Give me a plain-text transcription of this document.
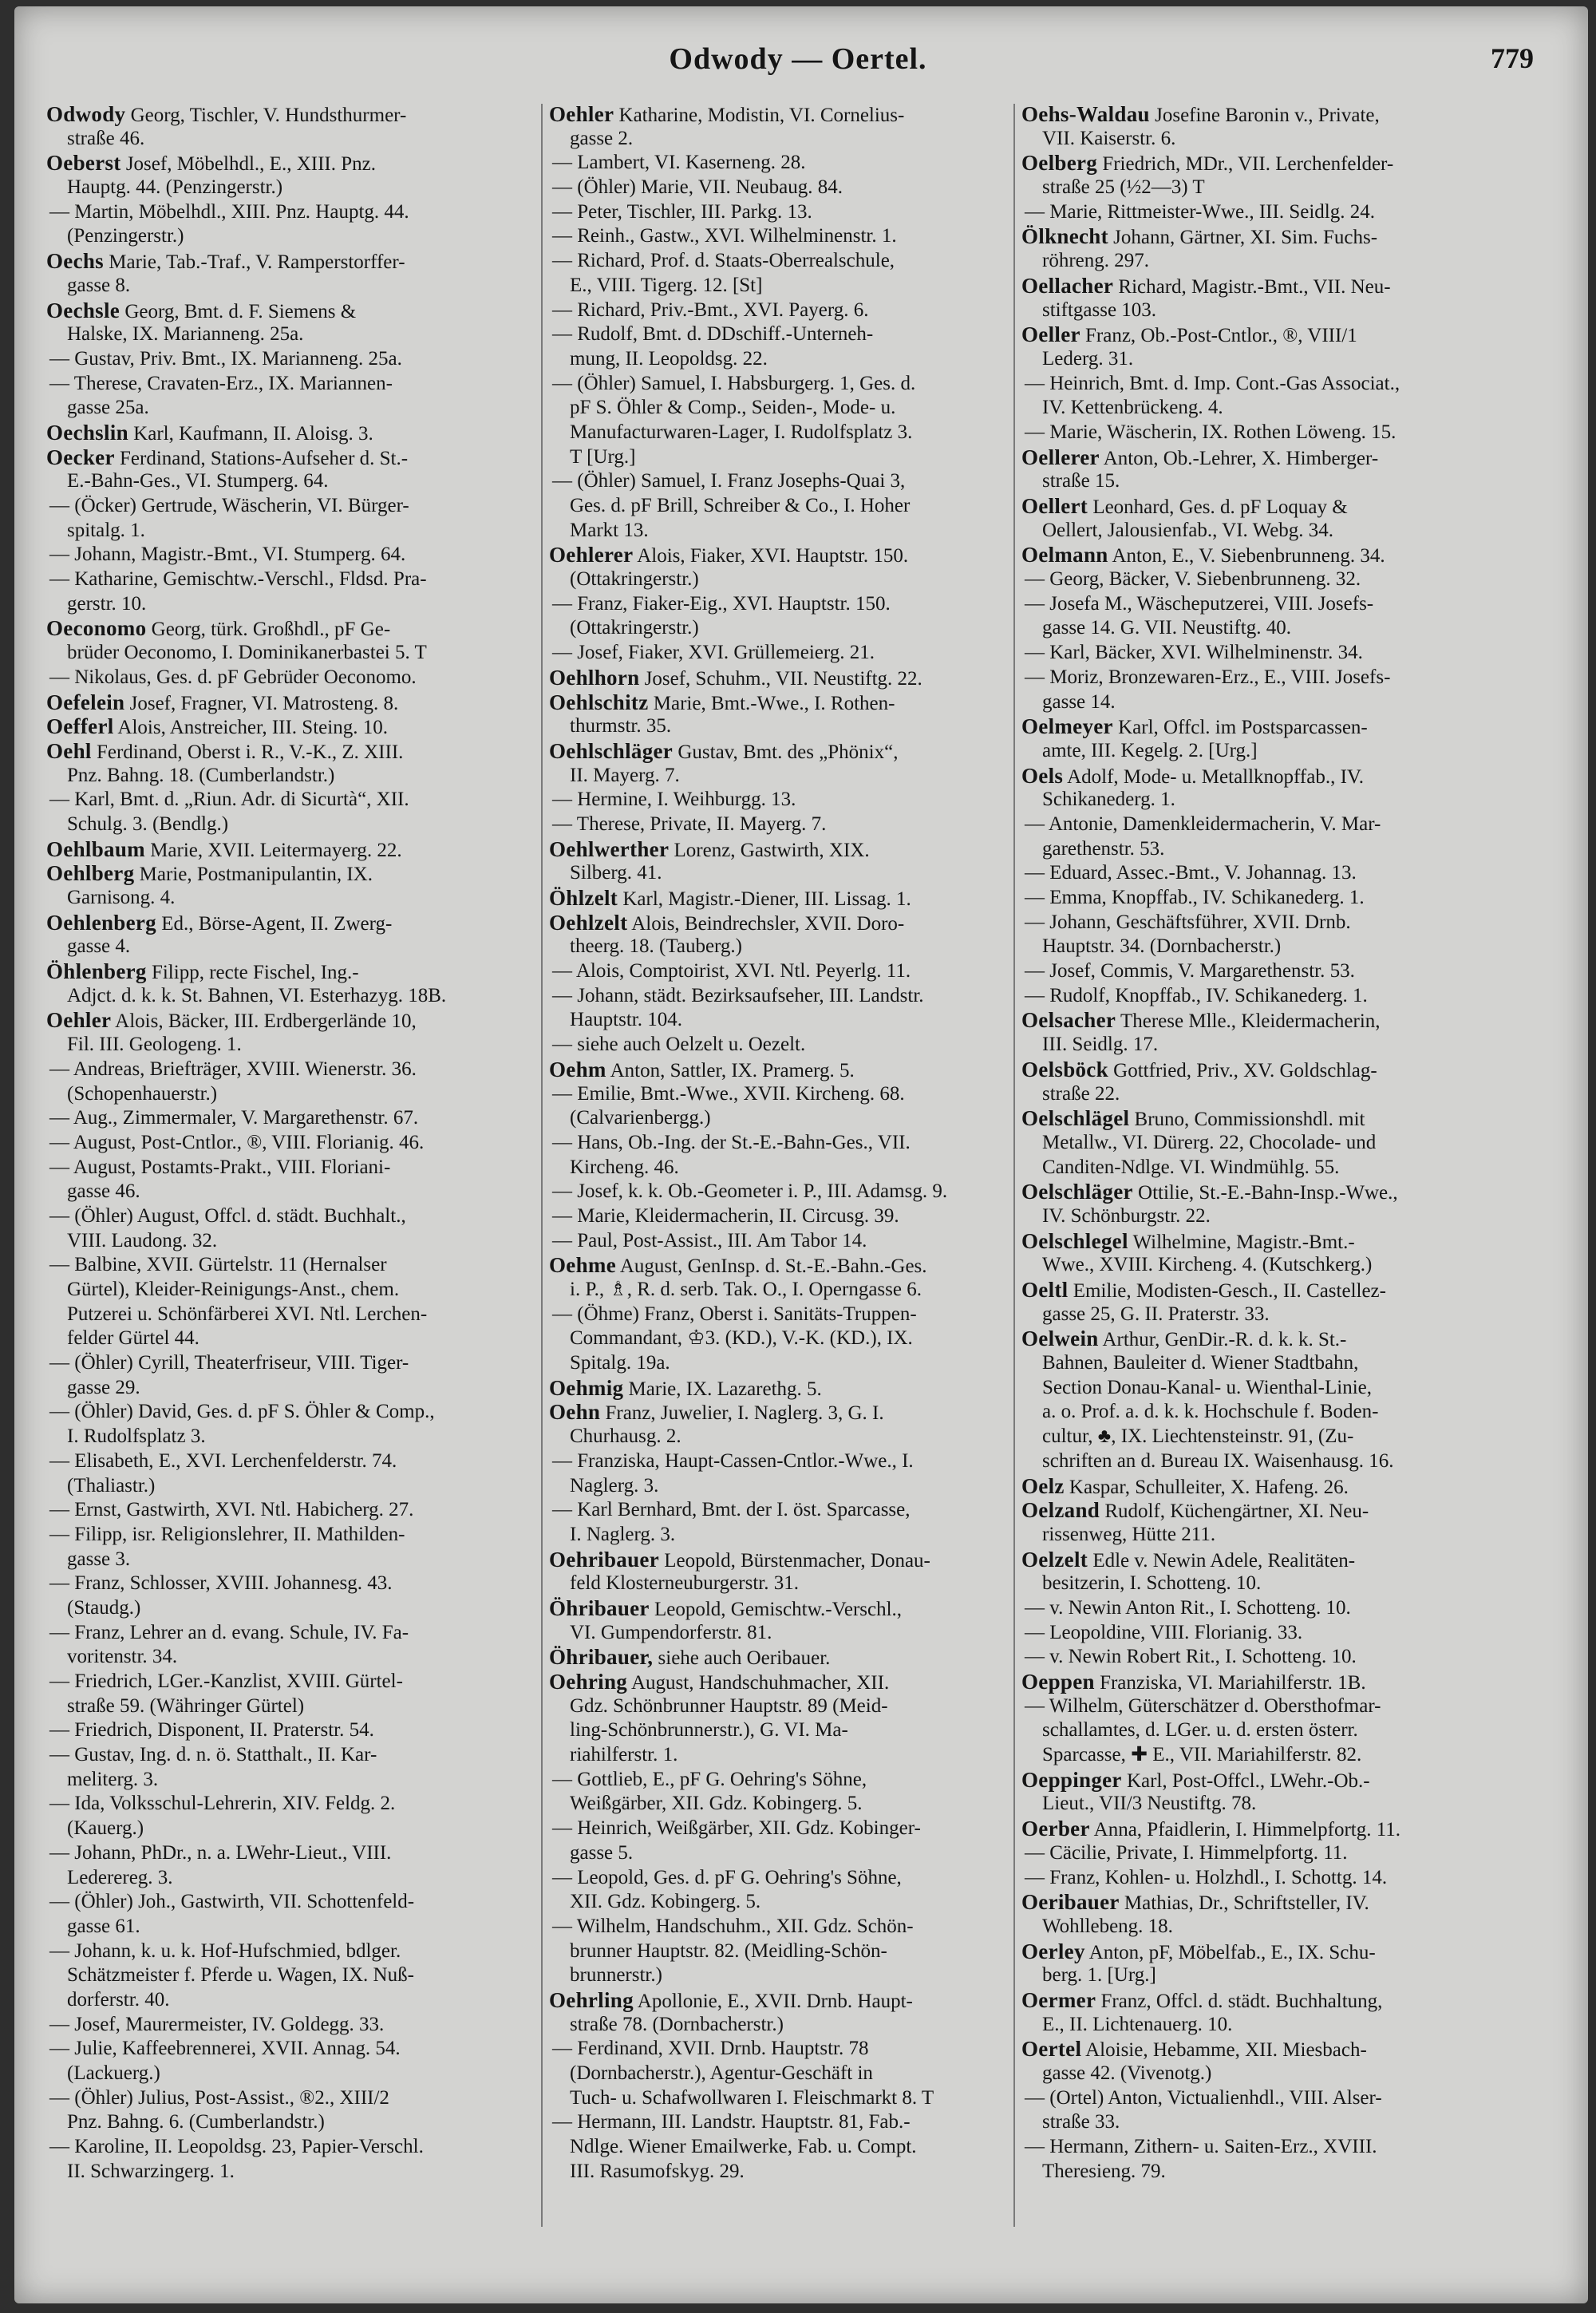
Odwody — Oertel.	779
Odwody Georg, Tischler, V. Hundsthurmer-
straße 46.
Oeberst Josef, Möbelhdl., E., XIII. Pnz.
Hauptg. 44. (Penzingerstr.)
— Martin, Möbelhdl., XIII. Pnz. Hauptg. 44.
(Penzingerstr.)
Oechs Marie, Tab.-Traf., V. Ramperstorffer-
gasse 8.
Oechsle Georg, Bmt. d. F. Siemens &
Halske, IX. Marianneng. 25a.
— Gustav, Priv. Bmt., IX. Marianneng. 25a.
— Therese, Cravaten-Erz., IX. Mariannen-
gasse 25a.
Oechslin Karl, Kaufmann, II. Aloisg. 3.
Oecker Ferdinand, Stations-Aufseher d. St.-
E.-Bahn-Ges., VI. Stumperg. 64.
— (Öcker) Gertrude, Wäscherin, VI. Bürger-
spitalg. 1.
— Johann, Magistr.-Bmt., VI. Stumperg. 64.
— Katharine, Gemischtw.-Verschl., Fldsd. Pra-
gerstr. 10.
Oeconomo Georg, türk. Großhdl., pF Ge-
brüder Oeconomo, I. Dominikanerbastei 5. T
— Nikolaus, Ges. d. pF Gebrüder Oeconomo.
Oefelein Josef, Fragner, VI. Matrosteng. 8.
Oefferl Alois, Anstreicher, III. Steing. 10.
Oehl Ferdinand, Oberst i. R., V.-K., Z. XIII.
Pnz. Bahng. 18. (Cumberlandstr.)
— Karl, Bmt. d. „Riun. Adr. di Sicurtà“, XII.
Schulg. 3. (Bendlg.)
Oehlbaum Marie, XVII. Leitermayerg. 22.
Oehlberg Marie, Postmanipulantin, IX.
Garnisong. 4.
Oehlenberg Ed., Börse-Agent, II. Zwerg-
gasse 4.
Öhlenberg Filipp, recte Fischel, Ing.-
Adjct. d. k. k. St. Bahnen, VI. Esterhazyg. 18B.
Oehler Alois, Bäcker, III. Erdbergerlände 10,
Fil. III. Geologeng. 1.
— Andreas, Briefträger, XVIII. Wienerstr. 36.
(Schopenhauerstr.)
— Aug., Zimmermaler, V. Margarethenstr. 67.
— August, Post-Cntlor., ®, VIII. Florianig. 46.
— August, Postamts-Prakt., VIII. Floriani-
gasse 46.
— (Öhler) August, Offcl. d. städt. Buchhalt.,
VIII. Laudong. 32.
— Balbine, XVII. Gürtelstr. 11 (Hernalser
Gürtel), Kleider-Reinigungs-Anst., chem.
Putzerei u. Schönfärberei XVI. Ntl. Lerchen-
felder Gürtel 44.
— (Öhler) Cyrill, Theaterfriseur, VIII. Tiger-
gasse 29.
— (Öhler) David, Ges. d. pF S. Öhler & Comp.,
I. Rudolfsplatz 3.
— Elisabeth, E., XVI. Lerchenfelderstr. 74.
(Thaliastr.)
— Ernst, Gastwirth, XVI. Ntl. Habicherg. 27.
— Filipp, isr. Religionslehrer, II. Mathilden-
gasse 3.
— Franz, Schlosser, XVIII. Johannesg. 43.
(Staudg.)
— Franz, Lehrer an d. evang. Schule, IV. Fa-
voritenstr. 34.
— Friedrich, LGer.-Kanzlist, XVIII. Gürtel-
straße 59. (Währinger Gürtel)
— Friedrich, Disponent, II. Praterstr. 54.
— Gustav, Ing. d. n. ö. Statthalt., II. Kar-
meliterg. 3.
— Ida, Volksschul-Lehrerin, XIV. Feldg. 2.
(Kauerg.)
— Johann, PhDr., n. a. LWehr-Lieut., VIII.
Lederereg. 3.
— (Öhler) Joh., Gastwirth, VII. Schottenfeld-
gasse 61.
— Johann, k. u. k. Hof-Hufschmied, bdlger.
Schätzmeister f. Pferde u. Wagen, IX. Nuß-
dorferstr. 40.
— Josef, Maurermeister, IV. Goldegg. 33.
— Julie, Kaffeebrennerei, XVII. Annag. 54.
(Lackuerg.)
— (Öhler) Julius, Post-Assist., ®2., XIII/2
Pnz. Bahng. 6. (Cumberlandstr.)
— Karoline, II. Leopoldsg. 23, Papier-Verschl.
II. Schwarzingerg. 1.
Oehler Katharine, Modistin, VI. Cornelius-
gasse 2.
— Lambert, VI. Kaserneng. 28.
— (Öhler) Marie, VII. Neubaug. 84.
— Peter, Tischler, III. Parkg. 13.
— Reinh., Gastw., XVI. Wilhelminenstr. 1.
— Richard, Prof. d. Staats-Oberrealschule,
E., VIII. Tigerg. 12. [St]
— Richard, Priv.-Bmt., XVI. Payerg. 6.
— Rudolf, Bmt. d. DDschiff.-Unterneh-
mung, II. Leopoldsg. 22.
— (Öhler) Samuel, I. Habsburgerg. 1, Ges. d.
pF S. Öhler & Comp., Seiden-, Mode- u.
Manufacturwaren-Lager, I. Rudolfsplatz 3.
T [Urg.]
— (Öhler) Samuel, I. Franz Josephs-Quai 3,
Ges. d. pF Brill, Schreiber & Co., I. Hoher
Markt 13.
Oehlerer Alois, Fiaker, XVI. Hauptstr. 150.
(Ottakringerstr.)
— Franz, Fiaker-Eig., XVI. Hauptstr. 150.
(Ottakringerstr.)
— Josef, Fiaker, XVI. Grüllemeierg. 21.
Oehlhorn Josef, Schuhm., VII. Neustiftg. 22.
Oehlschitz Marie, Bmt.-Wwe., I. Rothen-
thurmstr. 35.
Oehlschläger Gustav, Bmt. des „Phönix“,
II. Mayerg. 7.
— Hermine, I. Weihburgg. 13.
— Therese, Private, II. Mayerg. 7.
Oehlwerther Lorenz, Gastwirth, XIX.
Silberg. 41.
Öhlzelt Karl, Magistr.-Diener, III. Lissag. 1.
Oehlzelt Alois, Beindrechsler, XVII. Doro-
theerg. 18. (Tauberg.)
— Alois, Comptoirist, XVI. Ntl. Peyerlg. 11.
— Johann, städt. Bezirksaufseher, III. Landstr.
Hauptstr. 104.
— siehe auch Oelzelt u. Oezelt.
Oehm Anton, Sattler, IX. Pramerg. 5.
— Emilie, Bmt.-Wwe., XVII. Kircheng. 68.
(Calvarienbergg.)
— Hans, Ob.-Ing. der St.-E.-Bahn-Ges., VII.
Kircheng. 46.
— Josef, k. k. Ob.-Geometer i. P., III. Adamsg. 9.
— Marie, Kleidermacherin, II. Circusg. 39.
— Paul, Post-Assist., III. Am Tabor 14.
Oehme August, GenInsp. d. St.-E.-Bahn.-Ges.
i. P., ♗, R. d. serb. Tak. O., I. Operngasse 6.
— (Öhme) Franz, Oberst i. Sanitäts-Truppen-
Commandant, ♔3. (KD.), V.-K. (KD.), IX.
Spitalg. 19a.
Oehmig Marie, IX. Lazarethg. 5.
Oehn Franz, Juwelier, I. Naglerg. 3, G. I.
Churhausg. 2.
— Franziska, Haupt-Cassen-Cntlor.-Wwe., I.
Naglerg. 3.
— Karl Bernhard, Bmt. der I. öst. Sparcasse,
I. Naglerg. 3.
Oehribauer Leopold, Bürstenmacher, Donau-
feld Klosterneuburgerstr. 31.
Öhribauer Leopold, Gemischtw.-Verschl.,
VI. Gumpendorferstr. 81.
Öhribauer, siehe auch Oeribauer.
Oehring August, Handschuhmacher, XII.
Gdz. Schönbrunner Hauptstr. 89 (Meid-
ling-Schönbrunnerstr.), G. VI. Ma-
riahilferstr. 1.
— Gottlieb, E., pF G. Oehring's Söhne,
Weißgärber, XII. Gdz. Kobingerg. 5.
— Heinrich, Weißgärber, XII. Gdz. Kobinger-
gasse 5.
— Leopold, Ges. d. pF G. Oehring's Söhne,
XII. Gdz. Kobingerg. 5.
— Wilhelm, Handschuhm., XII. Gdz. Schön-
brunner Hauptstr. 82. (Meidling-Schön-
brunnerstr.)
Oehrling Apollonie, E., XVII. Drnb. Haupt-
straße 78. (Dornbacherstr.)
— Ferdinand, XVII. Drnb. Hauptstr. 78
(Dornbacherstr.), Agentur-Geschäft in
Tuch- u. Schafwollwaren I. Fleischmarkt 8. T
— Hermann, III. Landstr. Hauptstr. 81, Fab.-
Ndlge. Wiener Emailwerke, Fab. u. Compt.
III. Rasumofskyg. 29.
Oehs-Waldau Josefine Baronin v., Private,
VII. Kaiserstr. 6.
Oelberg Friedrich, MDr., VII. Lerchenfelder-
straße 25 (½2—3) T
— Marie, Rittmeister-Wwe., III. Seidlg. 24.
Ölknecht Johann, Gärtner, XI. Sim. Fuchs-
röhreng. 297.
Oellacher Richard, Magistr.-Bmt., VII. Neu-
stiftgasse 103.
Oeller Franz, Ob.-Post-Cntlor., ®, VIII/1
Lederg. 31.
— Heinrich, Bmt. d. Imp. Cont.-Gas Associat.,
IV. Kettenbrückeng. 4.
— Marie, Wäscherin, IX. Rothen Löweng. 15.
Oellerer Anton, Ob.-Lehrer, X. Himberger-
straße 15.
Oellert Leonhard, Ges. d. pF Loquay &
Oellert, Jalousienfab., VI. Webg. 34.
Oelmann Anton, E., V. Siebenbrunneng. 34.
— Georg, Bäcker, V. Siebenbrunneng. 32.
— Josefa M., Wäscheputzerei, VIII. Josefs-
gasse 14. G. VII. Neustiftg. 40.
— Karl, Bäcker, XVI. Wilhelminenstr. 34.
— Moriz, Bronzewaren-Erz., E., VIII. Josefs-
gasse 14.
Oelmeyer Karl, Offcl. im Postsparcassen-
amte, III. Kegelg. 2. [Urg.]
Oels Adolf, Mode- u. Metallknopffab., IV.
Schikanederg. 1.
— Antonie, Damenkleidermacherin, V. Mar-
garethenstr. 53.
— Eduard, Assec.-Bmt., V. Johannag. 13.
— Emma, Knopffab., IV. Schikanederg. 1.
— Johann, Geschäftsführer, XVII. Drnb.
Hauptstr. 34. (Dornbacherstr.)
— Josef, Commis, V. Margarethenstr. 53.
— Rudolf, Knopffab., IV. Schikanederg. 1.
Oelsacher Therese Mlle., Kleidermacherin,
III. Seidlg. 17.
Oelsböck Gottfried, Priv., XV. Goldschlag-
straße 22.
Oelschlägel Bruno, Commissionshdl. mit
Metallw., VI. Dürerg. 22, Chocolade- und
Canditen-Ndlge. VI. Windmühlg. 55.
Oelschläger Ottilie, St.-E.-Bahn-Insp.-Wwe.,
IV. Schönburgstr. 22.
Oelschlegel Wilhelmine, Magistr.-Bmt.-
Wwe., XVIII. Kircheng. 4. (Kutschkerg.)
Oeltl Emilie, Modisten-Gesch., II. Castellez-
gasse 25, G. II. Praterstr. 33.
Oelwein Arthur, GenDir.-R. d. k. k. St.-
Bahnen, Bauleiter d. Wiener Stadtbahn,
Section Donau-Kanal- u. Wienthal-Linie,
a. o. Prof. a. d. k. k. Hochschule f. Boden-
cultur, ♣, IX. Liechtensteinstr. 91, (Zu-
schriften an d. Bureau IX. Waisenhausg. 16.
Oelz Kaspar, Schulleiter, X. Hafeng. 26.
Oelzand Rudolf, Küchengärtner, XI. Neu-
rissenweg, Hütte 211.
Oelzelt Edle v. Newin Adele, Realitäten-
besitzerin, I. Schotteng. 10.
— v. Newin Anton Rit., I. Schotteng. 10.
— Leopoldine, VIII. Florianig. 33.
— v. Newin Robert Rit., I. Schotteng. 10.
Oeppen Franziska, VI. Mariahilferstr. 1B.
— Wilhelm, Güterschätzer d. Obersthofmar-
schallamtes, d. LGer. u. d. ersten österr.
Sparcasse, ✚ E., VII. Mariahilferstr. 82.
Oeppinger Karl, Post-Offcl., LWehr.-Ob.-
Lieut., VII/3 Neustiftg. 78.
Oerber Anna, Pfaidlerin, I. Himmelpfortg. 11.
— Cäcilie, Private, I. Himmelpfortg. 11.
— Franz, Kohlen- u. Holzhdl., I. Schottg. 14.
Oeribauer Mathias, Dr., Schriftsteller, IV.
Wohllebeng. 18.
Oerley Anton, pF, Möbelfab., E., IX. Schu-
berg. 1. [Urg.]
Oermer Franz, Offcl. d. städt. Buchhaltung,
E., II. Lichtenauerg. 10.
Oertel Aloisie, Hebamme, XII. Miesbach-
gasse 42. (Vivenotg.)
— (Ortel) Anton, Victualienhdl., VIII. Alser-
straße 33.
— Hermann, Zithern- u. Saiten-Erz., XVIII.
Theresieng. 79.
